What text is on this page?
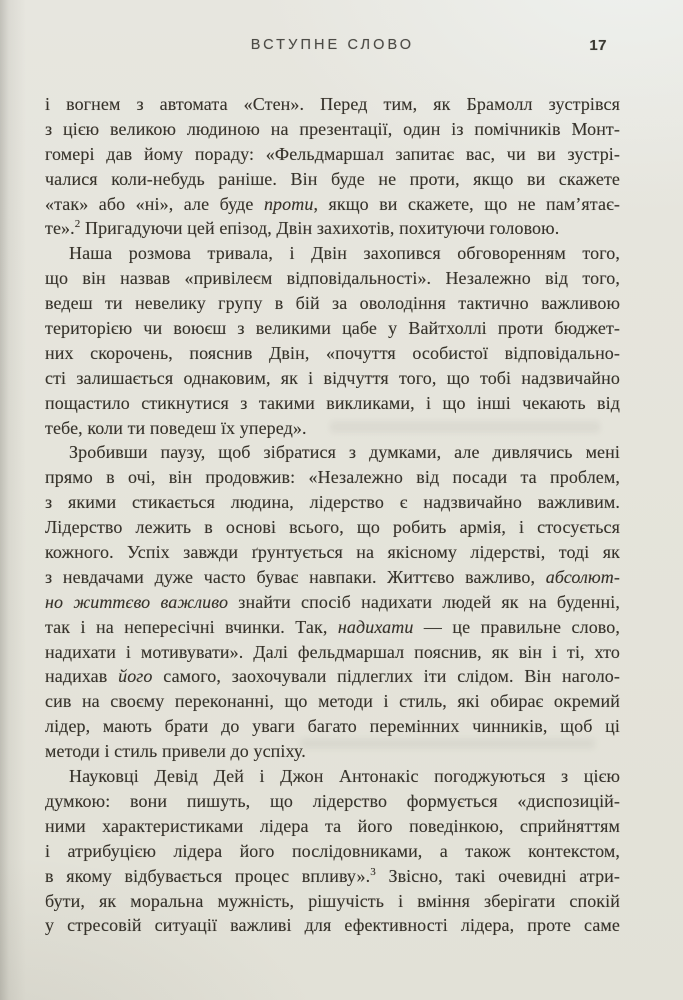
ВСТУПНЕ СЛОВО	17
і вогнем з автомата «Стен». Перед тим, як Брамолл зустрівся
з цією великою людиною на презентації, один із помічників Монт-
гомері дав йому пораду: «Фельдмаршал запитає вас, чи ви зустрі-
чалися коли-небудь раніше. Він буде не проти, якщо ви скажете
«так» або «ні», але буде проти, якщо ви скажете, що не пам’ятає-
те».$^2$ Пригадуючи цей епізод, Двін захихотів, похитуючи головою.
Наша розмова тривала, і Двін захопився обговоренням того,
що він назвав «привілеєм відповідальності». Незалежно від того,
ведеш ти невелику групу в бій за оволодіння тактично важливою
територією чи воюєш з великими цабе у Вайтхоллі проти бюджет-
них скорочень, пояснив Двін, «почуття особистої відповідально-
сті залишається однаковим, як і відчуття того, що тобі надзвичайно
пощастило стикнутися з такими викликами, і що інші чекають від
тебе, коли ти поведеш їх уперед».
Зробивши паузу, щоб зібратися з думками, але дивлячись мені
прямо в очі, він продовжив: «Незалежно від посади та проблем,
з якими стикається людина, лідерство є надзвичайно важливим.
Лідерство лежить в основі всього, що робить армія, і стосується
кожного. Успіх завжди ґрунтується на якісному лідерстві, тоді як
з невдачами дуже часто буває навпаки. Життєво важливо, абсолют-
но життєво важливо знайти спосіб надихати людей як на буденні,
так і на непересічні вчинки. Так, надихати — це правильне слово,
надихати і мотивувати». Далі фельдмаршал пояснив, як він і ті, хто
надихав його самого, заохочували підлеглих іти слідом. Він наголо-
сив на своєму переконанні, що методи і стиль, які обирає окремий
лідер, мають брати до уваги багато перемінних чинників, щоб ці
методи і стиль привели до успіху.
Науковці Девід Дей і Джон Антонакіс погоджуються з цією
думкою: вони пишуть, що лідерство формується «диспозицій-
ними характеристиками лідера та його поведінкою, сприйняттям
і атрибуцією лідера його послідовниками, а також контекстом,
в якому відбувається процес впливу».$^3$ Звісно, такі очевидні атри-
бути, як моральна мужність, рішучість і вміння зберігати спокій
у стресовій ситуації важливі для ефективності лідера, проте саме
